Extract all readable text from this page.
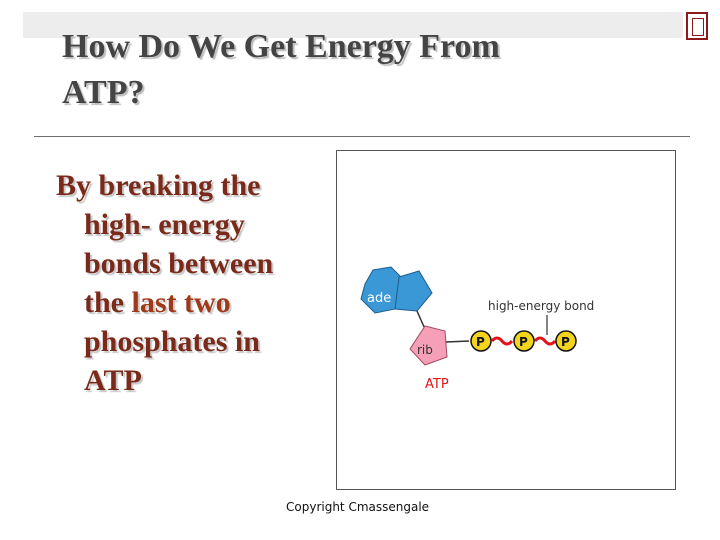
How Do We Get Energy From
ATP?
By breaking the
high- energy
bonds between
the last two
phosphates in
ATP
ade
rib
P	P	P
high-energy bond
ATP
Copyright Cmassengale
